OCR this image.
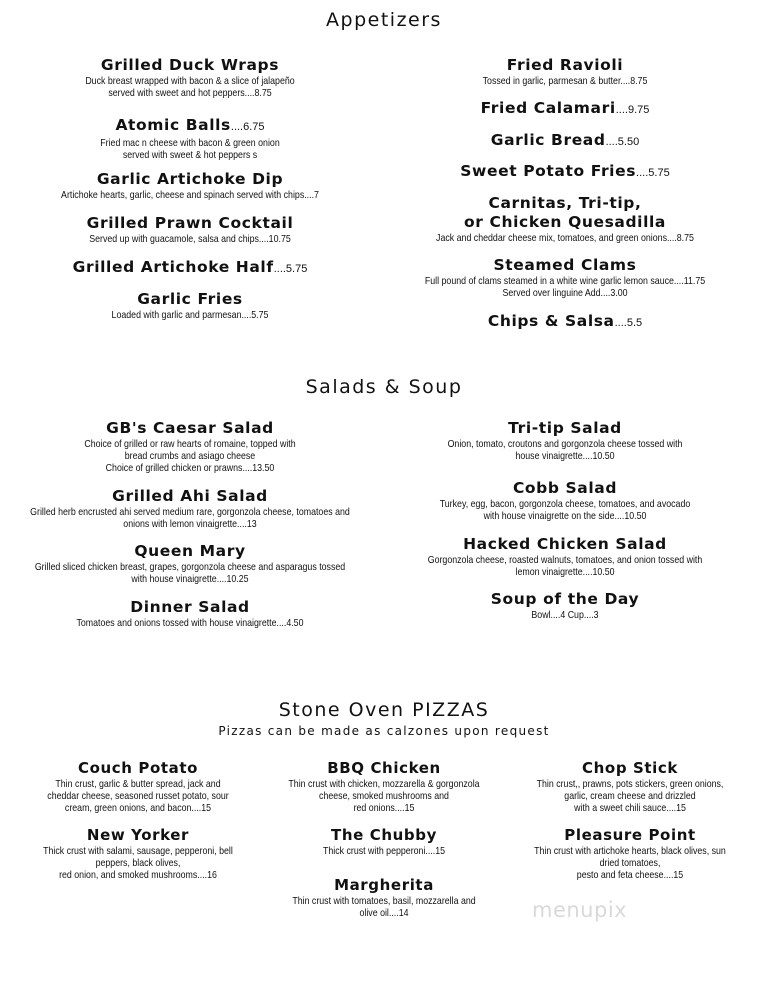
Appetizers
Salads & Soup
Stone Oven PIZZAS
Pizzas can be made as calzones upon request
menupix
Grilled Duck Wraps
Duck breast wrapped with bacon & a slice of jalapeño
served with sweet and hot peppers....8.75
Atomic Balls....6.75
Fried mac n cheese with bacon & green onion
served with sweet & hot peppers s
Garlic Artichoke Dip
Artichoke hearts, garlic, cheese and spinach served with chips....7
Grilled Prawn Cocktail
Served up with guacamole, salsa and chips....10.75
Grilled Artichoke Half....5.75
Garlic Fries
Loaded with garlic and parmesan....5.75
Fried Ravioli
Tossed in garlic, parmesan & butter....8.75
Fried Calamari....9.75
Garlic Bread....5.50
Sweet Potato Fries....5.75
Carnitas, Tri-tip,
or Chicken Quesadilla
Jack and cheddar cheese mix, tomatoes, and green onions....8.75
Steamed Clams
Full pound of clams steamed in a white wine garlic lemon sauce....11.75
Served over linguine Add....3.00
Chips & Salsa....5.5
GB's Caesar Salad
Choice of grilled or raw hearts of romaine, topped with
bread crumbs and asiago cheese
Choice of grilled chicken or prawns....13.50
Grilled Ahi Salad
Grilled herb encrusted ahi served medium rare, gorgonzola cheese, tomatoes and
onions with lemon vinaigrette....13
Queen Mary
Grilled sliced chicken breast, grapes, gorgonzola cheese and asparagus tossed
with house vinaigrette....10.25
Dinner Salad
Tomatoes and onions tossed with house vinaigrette....4.50
Tri-tip Salad
Onion, tomato, croutons and gorgonzola cheese tossed with
house vinaigrette....10.50
Cobb Salad
Turkey, egg, bacon, gorgonzola cheese, tomatoes, and avocado
with house vinaigrette on the side....10.50
Hacked Chicken Salad
Gorgonzola cheese, roasted walnuts, tomatoes, and onion tossed with
lemon vinaigrette....10.50
Soup of the Day
Bowl....4 Cup....3
Couch Potato
Thin crust, garlic & butter spread, jack and
cheddar cheese, seasoned russet potato, sour
cream, green onions, and bacon....15
New Yorker
Thick crust with salami, sausage, pepperoni, bell
peppers, black olives,
red onion, and smoked mushrooms....16
BBQ Chicken
Thin crust with chicken, mozzarella & gorgonzola
cheese, smoked mushrooms and
red onions....15
The Chubby
Thick crust with pepperoni....15
Margherita
Thin crust with tomatoes, basil, mozzarella and
olive oil....14
Chop Stick
Thin crust,, prawns, pots stickers, green onions,
garlic, cream cheese and drizzled
with a sweet chili sauce....15
Pleasure Point
Thin crust with artichoke hearts, black olives, sun
dried tomatoes,
pesto and feta cheese....15
